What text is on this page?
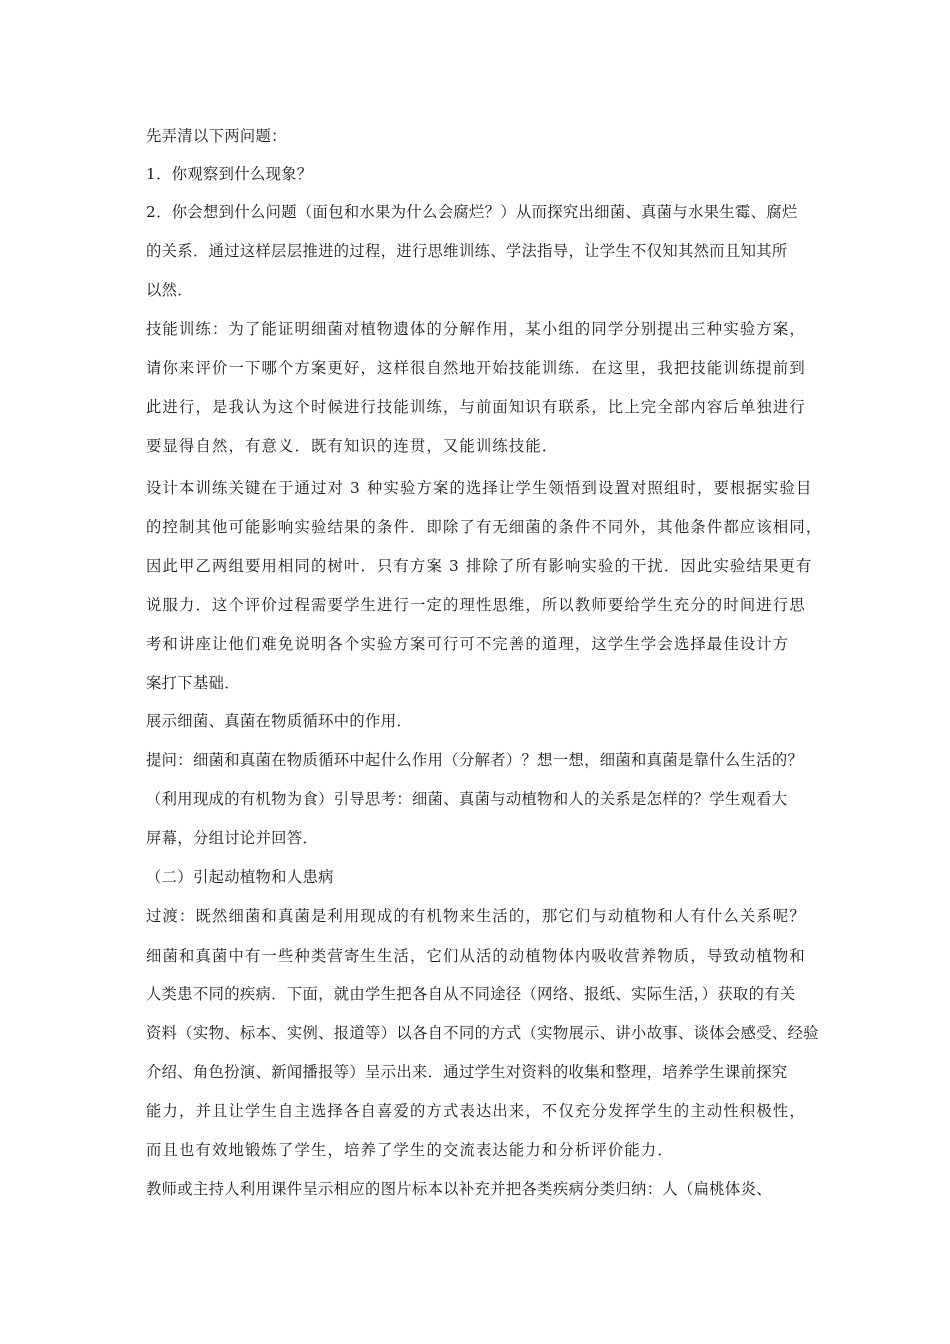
先弄清以下两问题：
1．你观察到什么现象？
2．你会想到什么问题（面包和水果为什么会腐烂？）从而探究出细菌、真菌与水果生霉、腐烂
的关系．通过这样层层推进的过程，进行思维训练、学法指导，让学生不仅知其然而且知其所
以然．
技能训练：为了能证明细菌对植物遗体的分解作用，某小组的同学分别提出三种实验方案，
请你来评价一下哪个方案更好，这样很自然地开始技能训练．在这里，我把技能训练提前到
此进行，是我认为这个时候进行技能训练，与前面知识有联系，比上完全部内容后单独进行
要显得自然，有意义．既有知识的连贯，又能训练技能．
设计本训练关键在于通过对 3 种实验方案的选择让学生领悟到设置对照组时，要根据实验目
的控制其他可能影响实验结果的条件．即除了有无细菌的条件不同外，其他条件都应该相同，
因此甲乙两组要用相同的树叶．只有方案 3 排除了所有影响实验的干扰．因此实验结果更有
说服力．这个评价过程需要学生进行一定的理性思维，所以教师要给学生充分的时间进行思
考和讲座让他们难免说明各个实验方案可行可不完善的道理，这学生学会选择最佳设计方
案打下基础．
展示细菌、真菌在物质循环中的作用．
提问：细菌和真菌在物质循环中起什么作用（分解者）？想一想，细菌和真菌是靠什么生活的？
（利用现成的有机物为食）引导思考：细菌、真菌与动植物和人的关系是怎样的？学生观看大
屏幕，分组讨论并回答．
（二）引起动植物和人患病
过渡：既然细菌和真菌是利用现成的有机物来生活的，那它们与动植物和人有什么关系呢？
细菌和真菌中有一些种类营寄生生活，它们从活的动植物体内吸收营养物质，导致动植物和
人类患不同的疾病．下面，就由学生把各自从不同途径（网络、报纸、实际生活，）获取的有关
资料（实物、标本、实例、报道等）以各自不同的方式（实物展示、讲小故事、谈体会感受、经验
介绍、角色扮演、新闻播报等）呈示出来．通过学生对资料的收集和整理，培养学生课前探究
能力，并且让学生自主选择各自喜爱的方式表达出来，不仅充分发挥学生的主动性积极性，
而且也有效地锻炼了学生，培养了学生的交流表达能力和分析评价能力．
教师或主持人利用课件呈示相应的图片标本以补充并把各类疾病分类归纳：人（扁桃体炎、
